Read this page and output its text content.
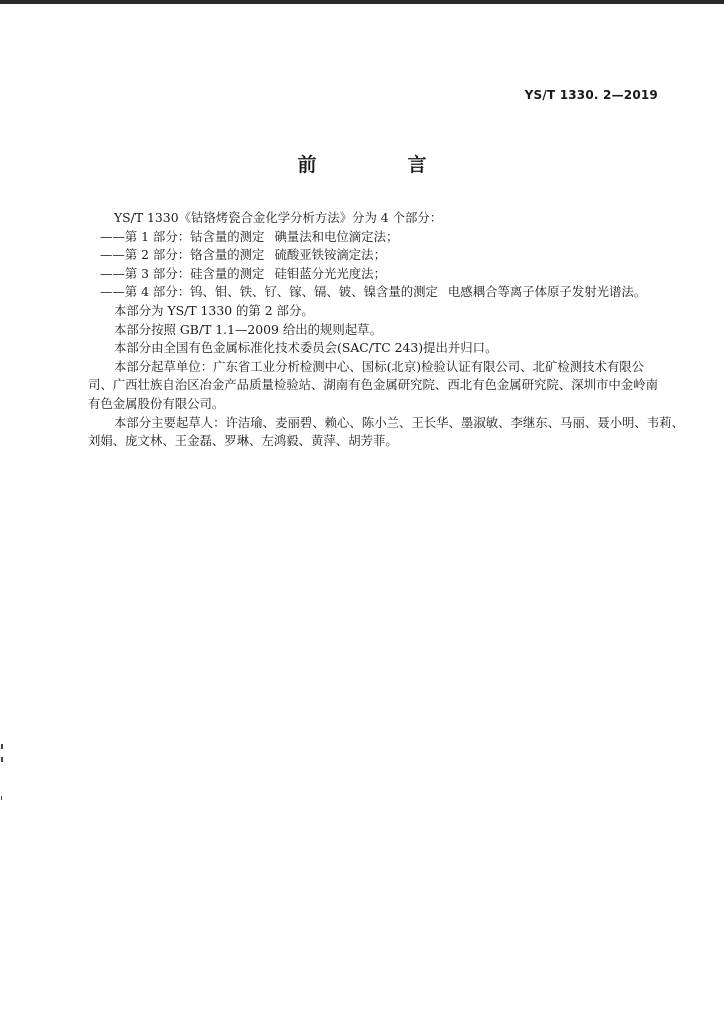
YS/T 1330. 2—2019
前　言

YS/T 1330《钴铬烤瓷合金化学分析方法》分为 4 个部分：

——第 1 部分：钴含量的测定 碘量法和电位滴定法；

——第 2 部分：铬含量的测定 硫酸亚铁铵滴定法；

——第 3 部分：硅含量的测定 硅钼蓝分光光度法；

——第 4 部分：钨、钼、铁、钌、镓、镉、铍、镍含量的测定 电感耦合等离子体原子发射光谱法。

本部分为 YS/T 1330 的第 2 部分。

本部分按照 GB/T 1.1—2009 给出的规则起草。

本部分由全国有色金属标准化技术委员会(SAC/TC 243)提出并归口。

本部分起草单位：广东省工业分析检测中心、国标(北京)检验认证有限公司、北矿检测技术有限公

司、广西壮族自治区冶金产品质量检验站、湖南有色金属研究院、西北有色金属研究院、深圳市中金岭南

有色金属股份有限公司。

本部分主要起草人：许洁瑜、麦丽碧、赖心、陈小兰、王长华、墨淑敏、李继东、马丽、聂小明、韦莉、

刘娟、庞文林、王金磊、罗琳、左鸿毅、黄萍、胡芳菲。
